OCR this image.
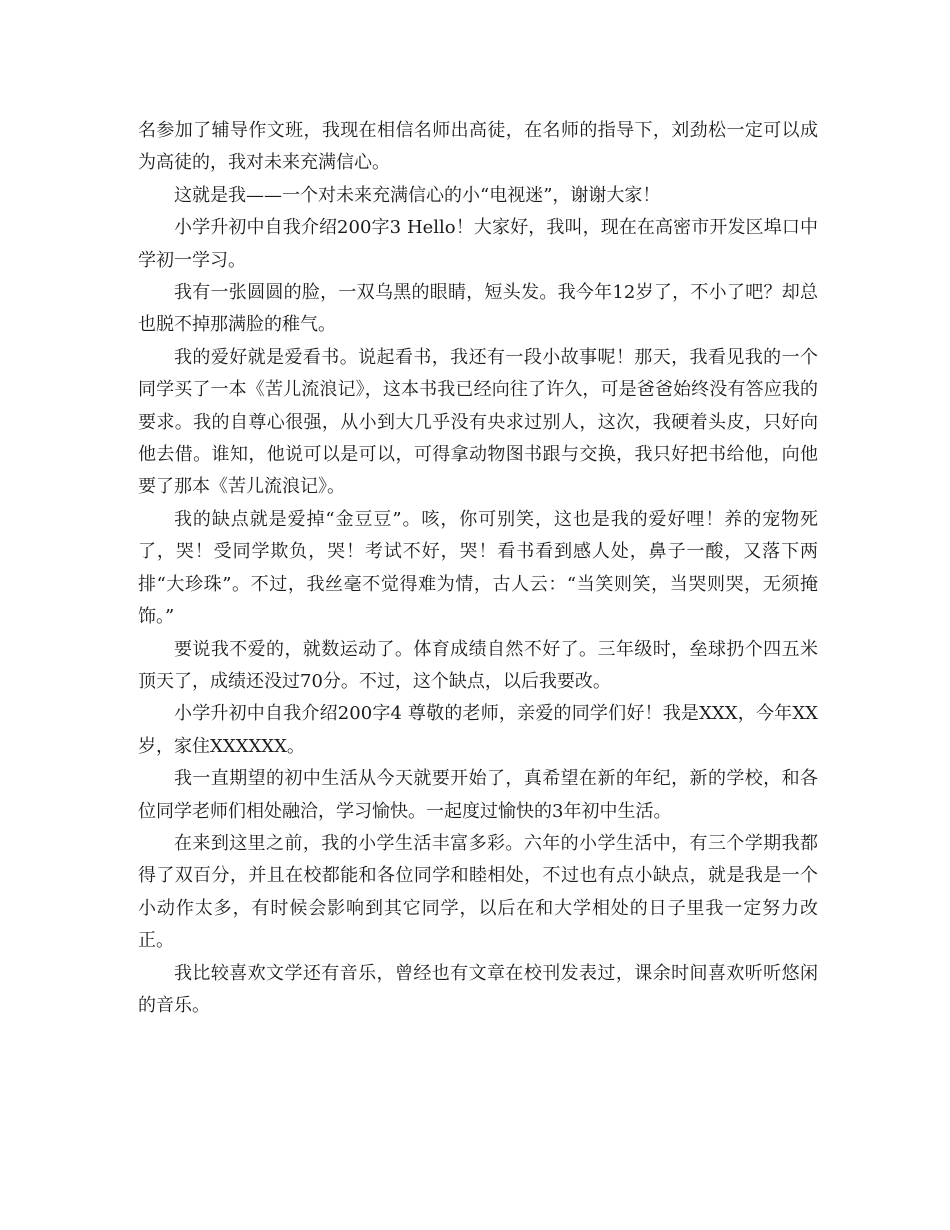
名参加了辅导作文班，我现在相信名师出高徒，在名师的指导下，刘劲松一定可以成为高徒的，我对未来充满信心。

这就是我——一个对未来充满信心的小“电视迷”，谢谢大家！

小学升初中自我介绍200字3 Hello！大家好，我叫，现在在高密市开发区埠口中学初一学习。

我有一张圆圆的脸，一双乌黑的眼睛，短头发。我今年12岁了，不小了吧？却总也脱不掉那满脸的稚气。

我的爱好就是爱看书。说起看书，我还有一段小故事呢！那天，我看见我的一个同学买了一本《苦儿流浪记》，这本书我已经向往了许久，可是爸爸始终没有答应我的要求。我的自尊心很强，从小到大几乎没有央求过别人，这次，我硬着头皮，只好向他去借。谁知，他说可以是可以，可得拿动物图书跟与交换，我只好把书给他，向他要了那本《苦儿流浪记》。

我的缺点就是爱掉“金豆豆”。咳，你可别笑，这也是我的爱好哩！养的宠物死了，哭！受同学欺负，哭！考试不好，哭！看书看到感人处，鼻子一酸，又落下两排“大珍珠”。不过，我丝毫不觉得难为情，古人云：“当笑则笑，当哭则哭，无须掩饰。”

要说我不爱的，就数运动了。体育成绩自然不好了。三年级时，垒球扔个四五米顶天了，成绩还没过70分。不过，这个缺点，以后我要改。

小学升初中自我介绍200字4 尊敬的老师，亲爱的同学们好！我是XXX，今年XX岁，家住XXXXXX。

我一直期望的初中生活从今天就要开始了，真希望在新的年纪，新的学校，和各位同学老师们相处融洽，学习愉快。一起度过愉快的3年初中生活。

在来到这里之前，我的小学生活丰富多彩。六年的小学生活中，有三个学期我都得了双百分，并且在校都能和各位同学和睦相处，不过也有点小缺点，就是我是一个小动作太多，有时候会影响到其它同学，以后在和大学相处的日子里我一定努力改正。

我比较喜欢文学还有音乐，曾经也有文章在校刊发表过，课余时间喜欢听听悠闲的音乐。
